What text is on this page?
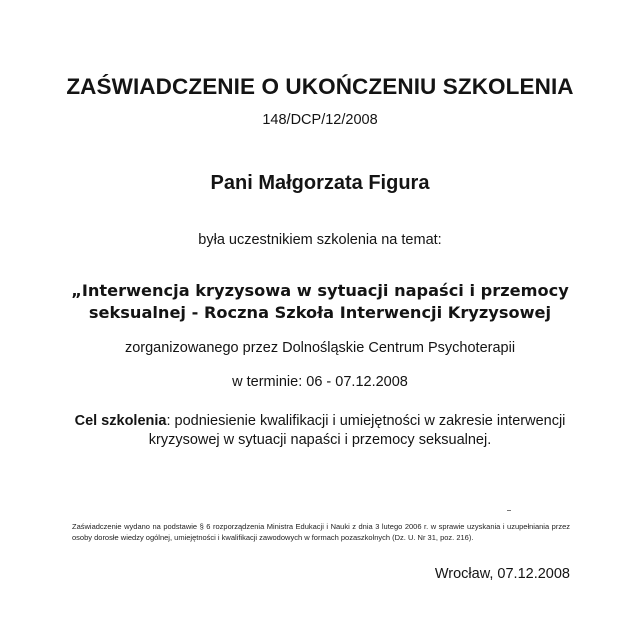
ZAŚWIADCZENIE O UKOŃCZENIU SZKOLENIA
148/DCP/12/2008
Pani Małgorzata Figura
była uczestnikiem szkolenia na temat:
„Interwencja kryzysowa w sytuacji napaści i przemocy
seksualnej - Roczna Szkoła Interwencji Kryzysowej
zorganizowanego przez Dolnośląskie Centrum Psychoterapii
w terminie: 06 - 07.12.2008
Cel szkolenia: podniesienie kwalifikacji i umiejętności w zakresie interwencji
kryzysowej w sytuacji napaści i przemocy seksualnej.
Zaświadczenie wydano na podstawie § 6 rozporządzenia Ministra Edukacji i Nauki z dnia 3 lutego 2006 r. w sprawie uzyskania i uzupełniania przez osoby dorosłe wiedzy ogólnej, umiejętności i kwalifikacji zawodowych w formach pozaszkolnych (Dz. U. Nr 31, poz. 216).
Wrocław, 07.12.2008
